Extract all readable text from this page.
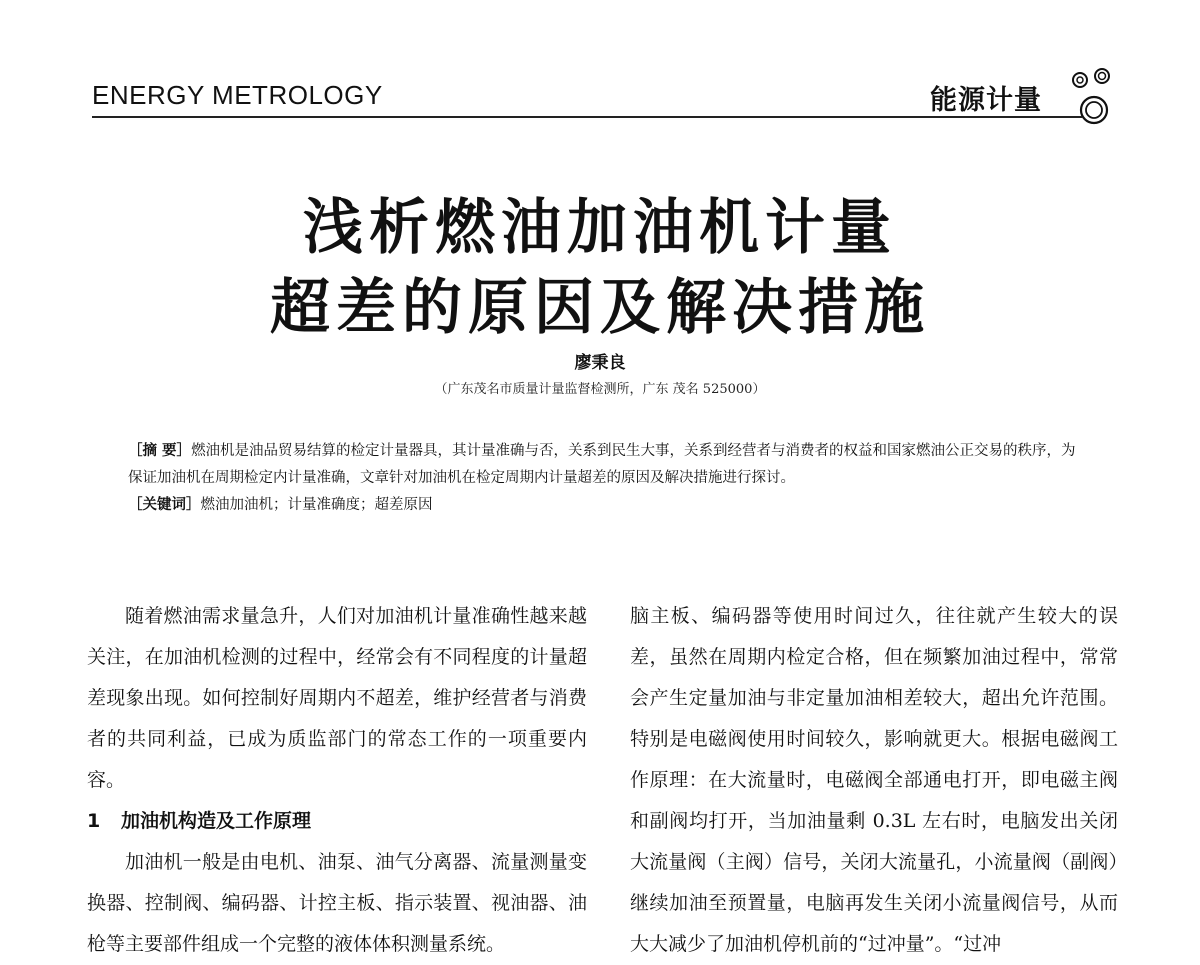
ENERGY METROLOGY	能源计量
浅析燃油加油机计量
超差的原因及解决措施
廖秉良
（广东茂名市质量计量监督检测所，广东 茂名 525000）

［摘 要］燃油机是油品贸易结算的检定计量器具，其计量准确与否，关系到民生大事，关系到经营者与消费者的权益和国家燃油公正交易的秩序，为保证加油机在周期检定内计量准确，文章针对加油机在检定周期内计量超差的原因及解决措施进行探讨。

［关键词］燃油加油机；计量准确度；超差原因

随着燃油需求量急升，人们对加油机计量准确性越来越关注，在加油机检测的过程中，经常会有不同程度的计量超差现象出现。如何控制好周期内不超差，维护经营者与消费者的共同利益，已成为质监部门的常态工作的一项重要内容。

1 加油机构造及工作原理

加油机一般是由电机、油泵、油气分离器、流量测量变换器、控制阀、编码器、计控主板、指示装置、视油器、油枪等主要部件组成一个完整的液体体积测量系统。

脑主板、编码器等使用时间过久，往往就产生较大的误差，虽然在周期内检定合格，但在频繁加油过程中，常常会产生定量加油与非定量加油相差较大，超出允许范围。特别是电磁阀使用时间较久，影响就更大。根据电磁阀工作原理：在大流量时，电磁阀全部通电打开，即电磁主阀和副阀均打开，当加油量剩 0.3L 左右时，电脑发出关闭大流量阀（主阀）信号，关闭大流量孔，小流量阀（副阀）继续加油至预置量，电脑再发生关闭小流量阀信号，从而大大减少了加油机停机前的“过冲量”。“过冲
